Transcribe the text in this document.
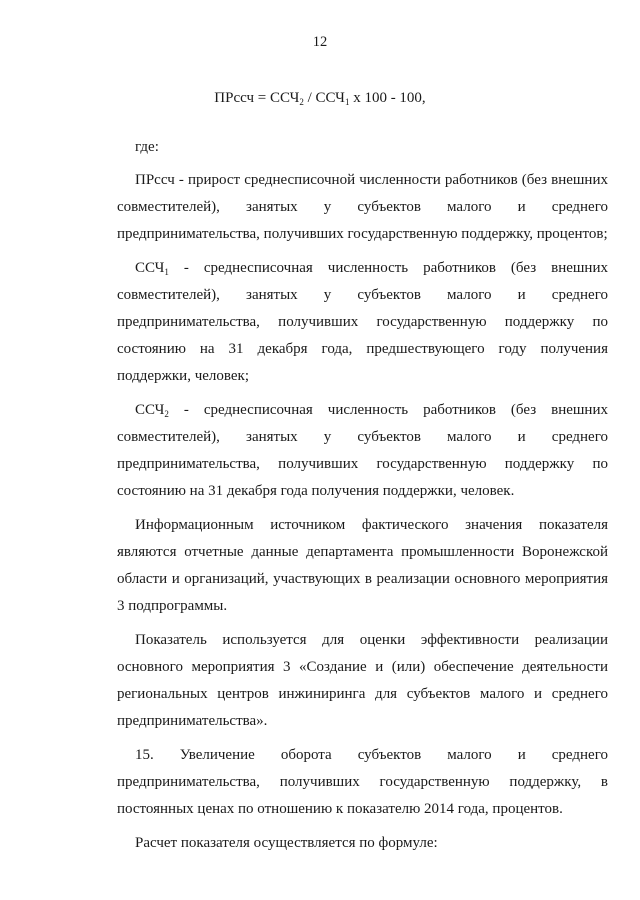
12

ПРссч = $ССЧ_2 / ССЧ_1$ х 100 - 100,

где:

ПРссч - прирост среднесписочной численности работников (без внешних совместителей), занятых у субъектов малого и среднего предпринимательства, получивших государственную поддержку, процентов;

$ССЧ_1$ - среднесписочная численность работников (без внешних совместителей), занятых у субъектов малого и среднего предпринимательства, получивших государственную поддержку по состоянию на 31 декабря года, предшествующего году получения поддержки, человек;

$ССЧ_2$ - среднесписочная численность работников (без внешних совместителей), занятых у субъектов малого и среднего предпринимательства, получивших государственную поддержку по состоянию на 31 декабря года получения поддержки, человек.

Информационным источником фактического значения показателя являются отчетные данные департамента промышленности Воронежской области и организаций, участвующих в реализации основного мероприятия 3 подпрограммы.

Показатель используется для оценки эффективности реализации основного мероприятия 3 «Создание и (или) обеспечение деятельности региональных центров инжиниринга для субъектов малого и среднего предпринимательства».

15. Увеличение оборота субъектов малого и среднего предпринимательства, получивших государственную поддержку, в постоянных ценах по отношению к показателю 2014 года, процентов.

Расчет показателя осуществляется по формуле:
